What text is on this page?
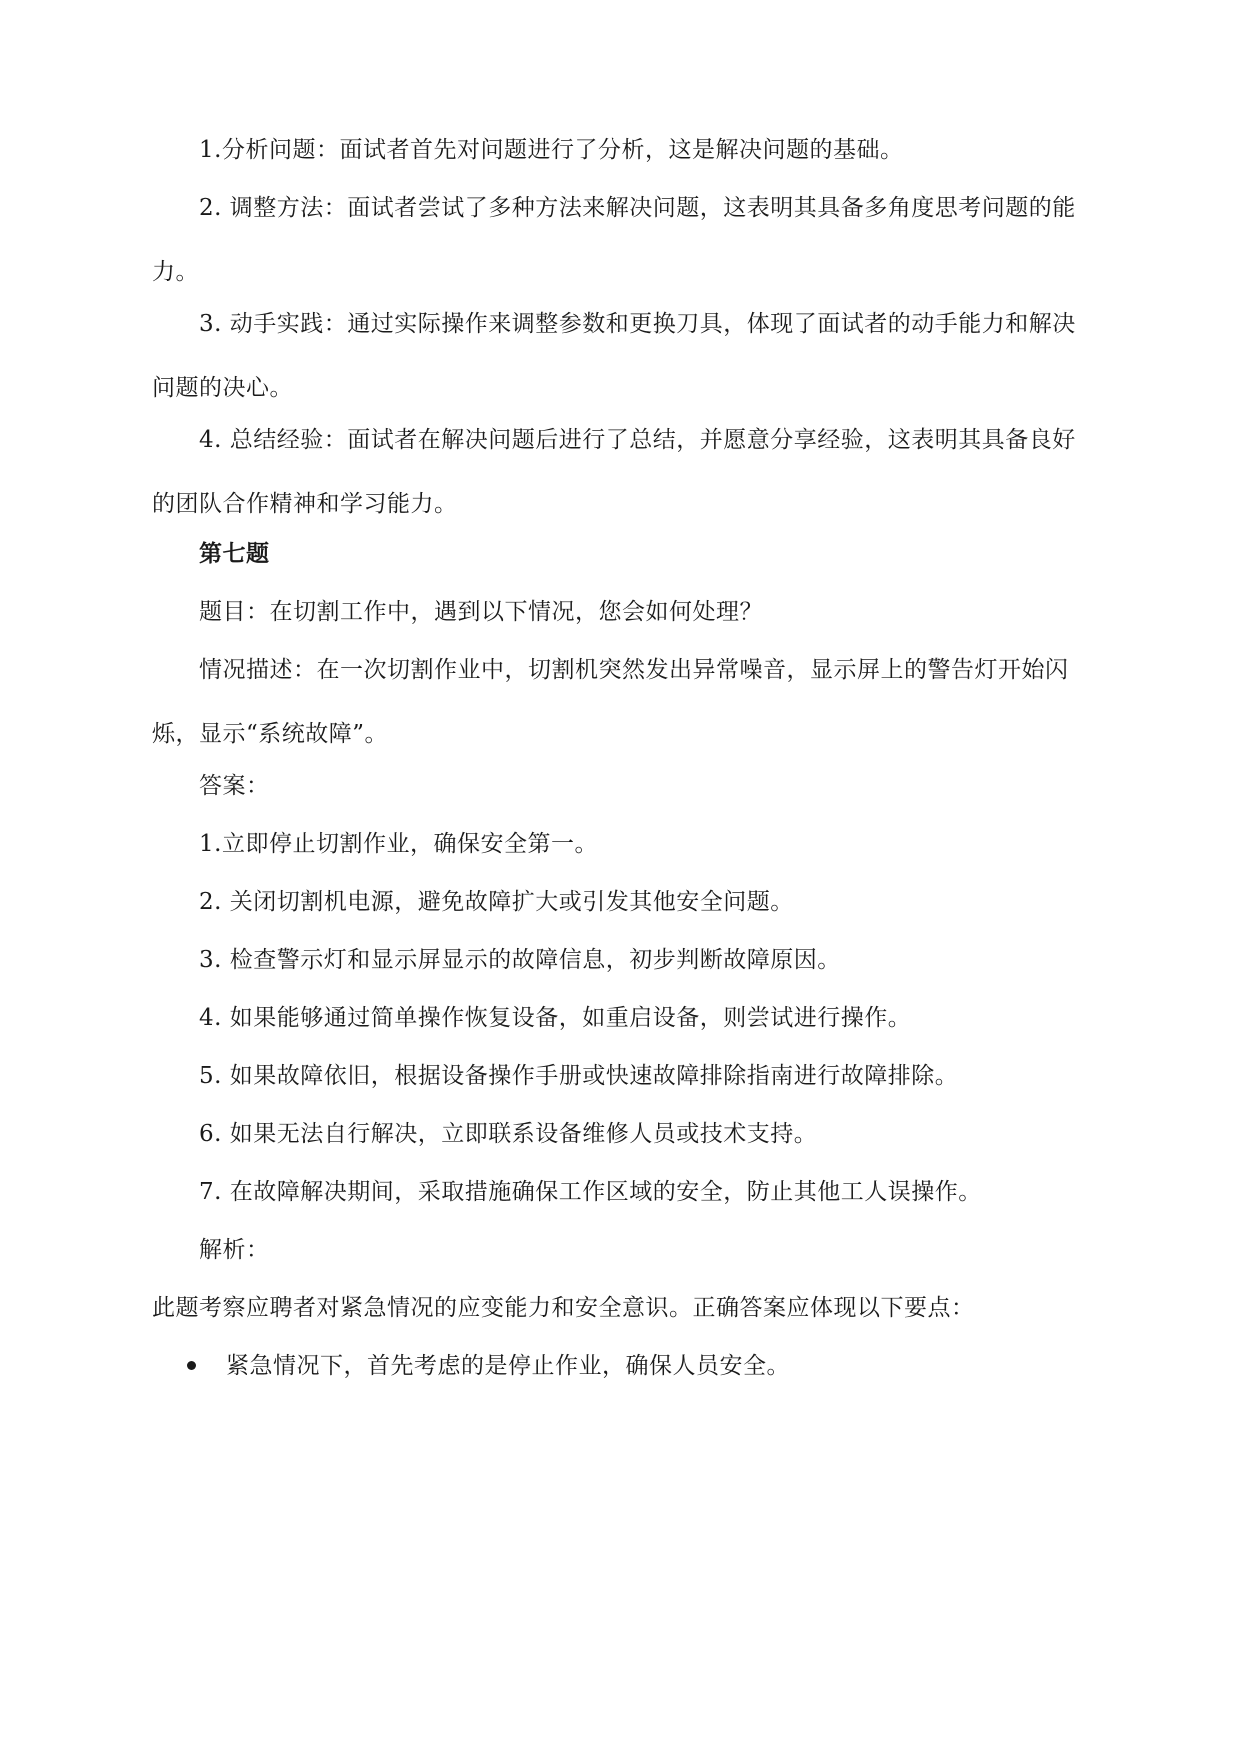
1.分析问题：面试者首先对问题进行了分析，这是解决问题的基础。

2. 调整方法：面试者尝试了多种方法来解决问题，这表明其具备多角度思考问题的能力。

3. 动手实践：通过实际操作来调整参数和更换刀具，体现了面试者的动手能力和解决问题的决心。

4. 总结经验：面试者在解决问题后进行了总结，并愿意分享经验，这表明其具备良好的团队合作精神和学习能力。

第七题

题目：在切割工作中，遇到以下情况，您会如何处理？

情况描述：在一次切割作业中，切割机突然发出异常噪音，显示屏上的警告灯开始闪烁，显示“系统故障”。

答案：

1.立即停止切割作业，确保安全第一。

2. 关闭切割机电源，避免故障扩大或引发其他安全问题。

3. 检查警示灯和显示屏显示的故障信息，初步判断故障原因。

4. 如果能够通过简单操作恢复设备，如重启设备，则尝试进行操作。

5. 如果故障依旧，根据设备操作手册或快速故障排除指南进行故障排除。

6. 如果无法自行解决，立即联系设备维修人员或技术支持。

7. 在故障解决期间，采取措施确保工作区域的安全，防止其他工人误操作。

解析：

此题考察应聘者对紧急情况的应变能力和安全意识。正确答案应体现以下要点：

紧急情况下，首先考虑的是停止作业，确保人员安全。
